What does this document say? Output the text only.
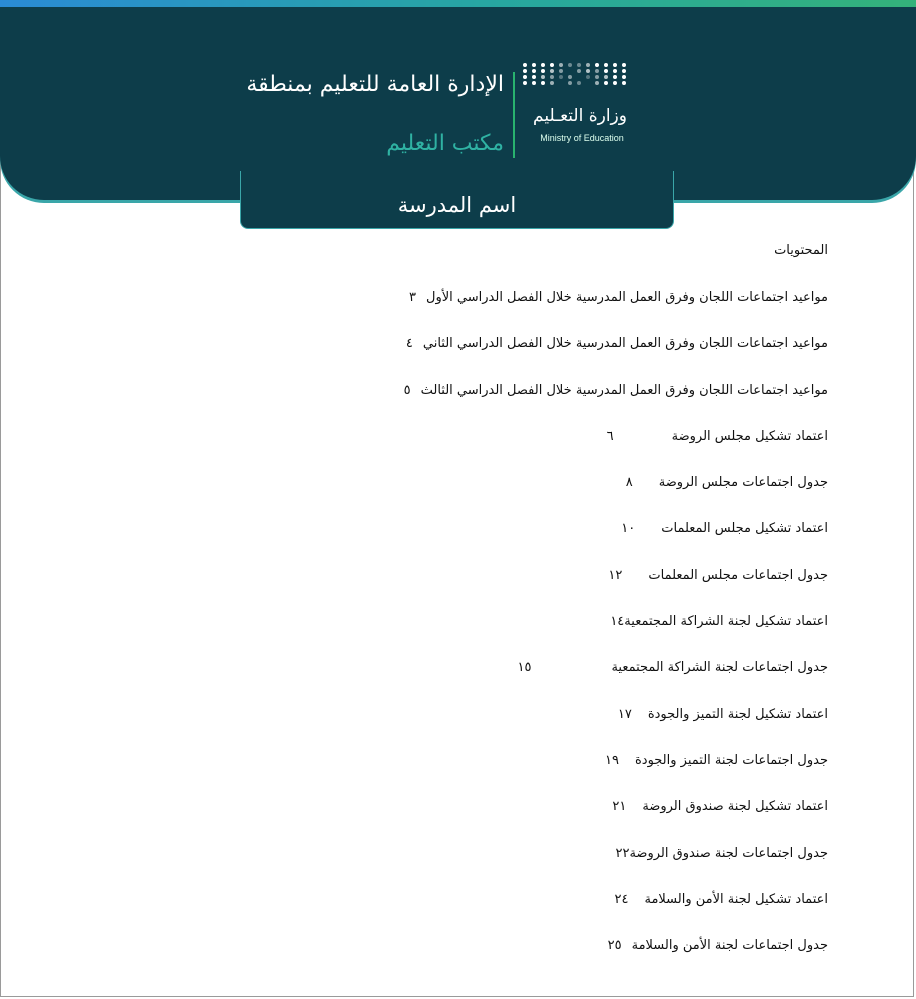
وزارة التعـليم
Ministry of Education
الإدارة العامة للتعليم بمنطقة
مكتب التعليم
اسم المدرسة
المحتويات
مواعيد اجتماعات اللجان وفرق العمل المدرسية خلال الفصل الدراسي الأول٣
مواعيد اجتماعات اللجان وفرق العمل المدرسية خلال الفصل الدراسي الثاني٤
مواعيد اجتماعات اللجان وفرق العمل المدرسية خلال الفصل الدراسي الثالث٥
اعتماد تشكيل مجلس الروضة٦
جدول اجتماعات مجلس الروضة٨
اعتماد تشكيل مجلس المعلمات١٠
جدول اجتماعات مجلس المعلمات١٢
اعتماد تشكيل لجنة الشراكة المجتمعية١٤
جدول اجتماعات لجنة الشراكة المجتمعية١٥
اعتماد تشكيل لجنة التميز والجودة١٧
جدول اجتماعات لجنة التميز والجودة١٩
اعتماد تشكيل لجنة صندوق الروضة٢١
جدول اجتماعات لجنة صندوق الروضة٢٢
اعتماد تشكيل لجنة الأمن والسلامة٢٤
جدول اجتماعات لجنة الأمن والسلامة٢٥
